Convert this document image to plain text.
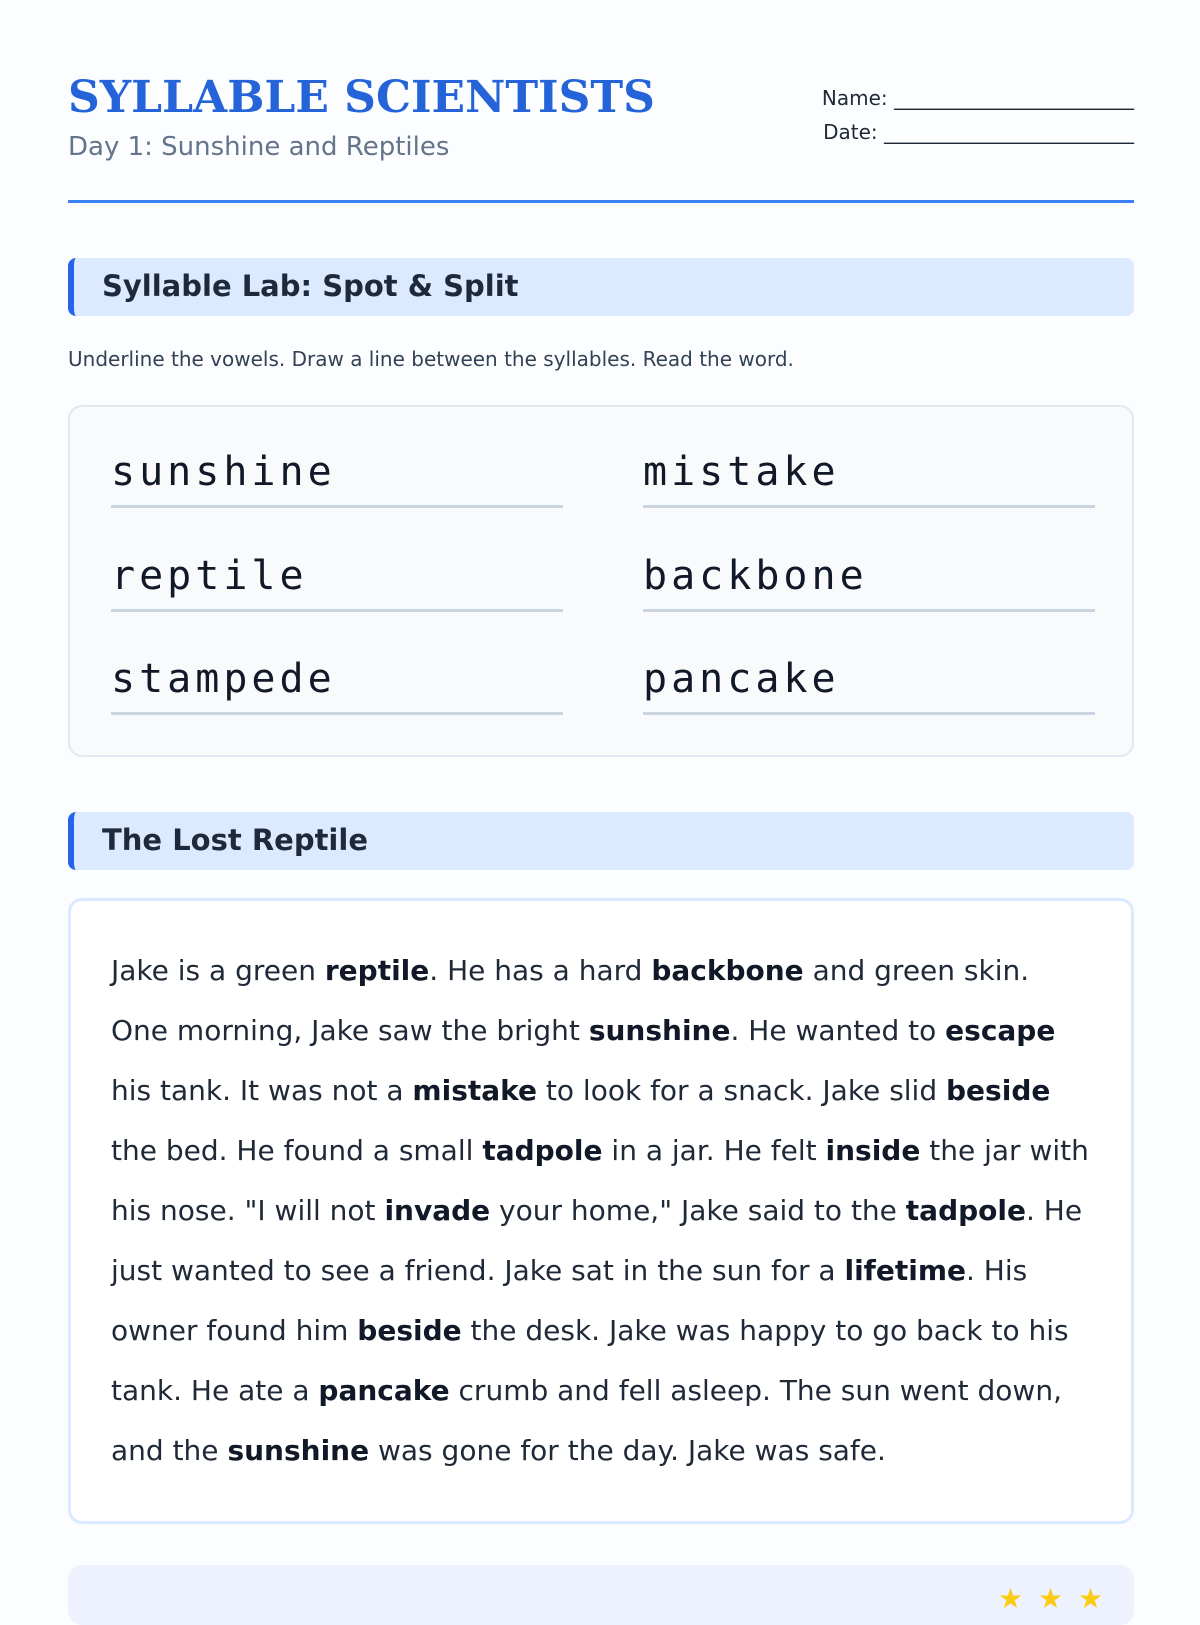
SYLLABLE SCIENTISTS
Day 1: Sunshine and Reptiles
Name: ________________________
Date: _________________________
Syllable Lab: Spot & Split
Underline the vowels. Draw a line between the syllables. Read the word.
sunshine	mistake
reptile	backbone
stampede	pancake
The Lost Reptile
Jake is a green reptile. He has a hard backbone and green skin. One morning, Jake saw the bright sunshine. He wanted to escape his tank. It was not a mistake to look for a snack. Jake slid beside the bed. He found a small tadpole in a jar. He felt inside the jar with his nose. "I will not invade your home," Jake said to the tadpole. He just wanted to see a friend. Jake sat in the sun for a lifetime. His owner found him beside the desk. Jake was happy to go back to his tank. He ate a pancake crumb and fell asleep. The sun went down, and the sunshine was gone for the day. Jake was safe.
★ ★ ★
